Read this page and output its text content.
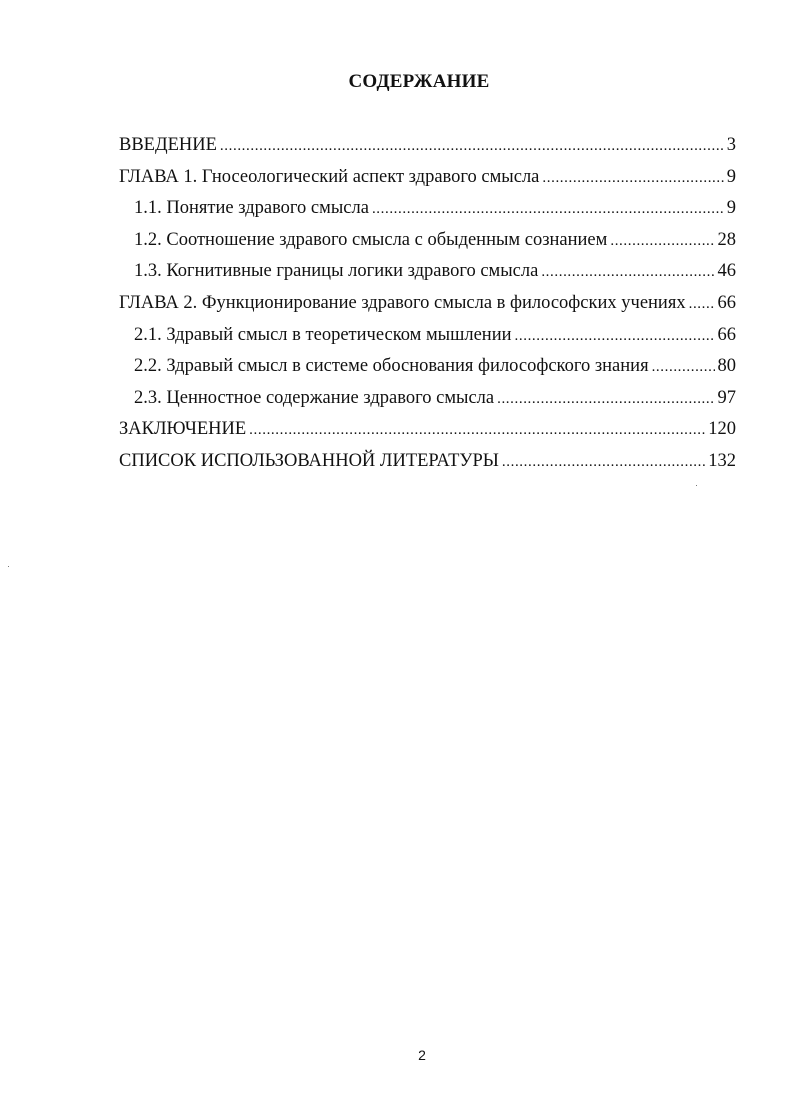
СОДЕРЖАНИЕ
ВВЕДЕНИЕ .....	3
ГЛАВА 1. Гносеологический аспект здравого смысла .....	9
1.1. Понятие здравого смысла .....	9
1.2. Соотношение здравого смысла с обыденным сознанием .....	28
1.3. Когнитивные границы логики здравого смысла .....	46
ГЛАВА 2. Функционирование здравого смысла в философских учениях ..... 66
2.1. Здравый смысл в теоретическом мышлении .....	66
2.2. Здравый смысл в системе обоснования философского знания .....	80
2.3. Ценностное содержание здравого смысла .....	97
ЗАКЛЮЧЕНИЕ .....	120
СПИСОК ИСПОЛЬЗОВАННОЙ ЛИТЕРАТУРЫ .....	132
2
